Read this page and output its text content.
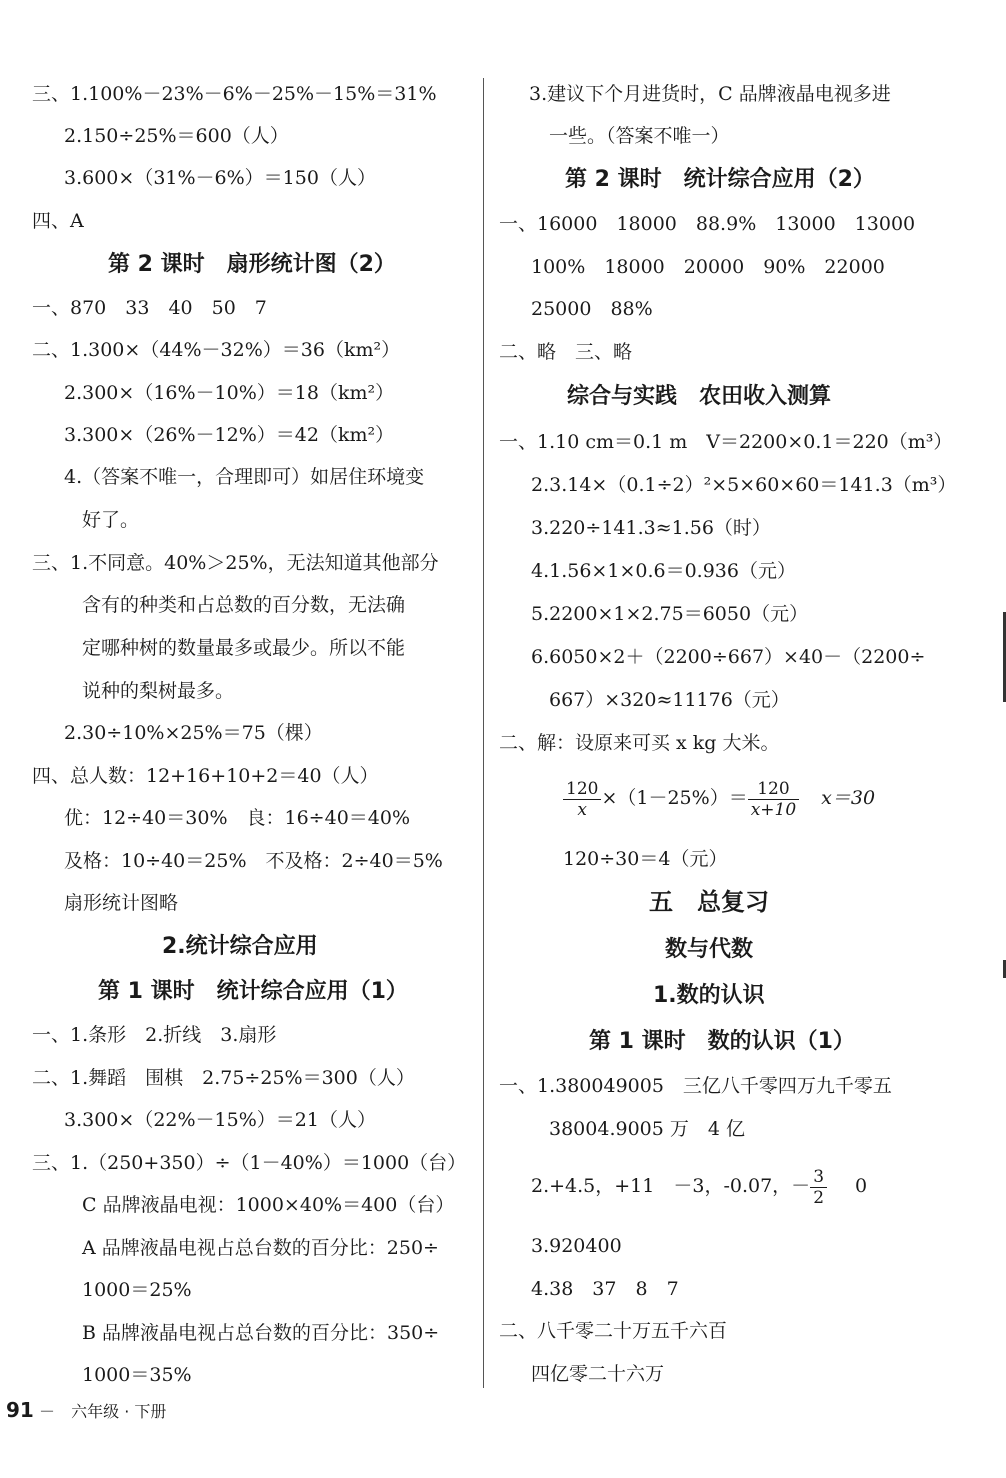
三、1.100%－23%－6%－25%－15%＝31%
2.150÷25%＝600（人）
3.600×（31%－6%）＝150（人）
四、A
第 2 课时　扇形统计图（2）
一、870　33　40　50　7
二、1.300×（44%－32%）＝36（km²）
2.300×（16%－10%）＝18（km²）
3.300×（26%－12%）＝42（km²）
4.（答案不唯一，合理即可）如居住环境变
好了。
三、1.不同意。40%＞25%，无法知道其他部分
含有的种类和占总数的百分数，无法确
定哪种树的数量最多或最少。所以不能
说种的梨树最多。
2.30÷10%×25%＝75（棵）
四、总人数：12+16+10+2＝40（人）
优：12÷40＝30%　良：16÷40＝40%
及格：10÷40＝25%　不及格：2÷40＝5%
扇形统计图略
2.统计综合应用
第 1 课时　统计综合应用（1）
一、1.条形　2.折线　3.扇形
二、1.舞蹈　围棋　2.75÷25%＝300（人）
3.300×（22%－15%）＝21（人）
三、1.（250+350）÷（1－40%）＝1000（台）
C 品牌液晶电视：1000×40%＝400（台）
A 品牌液晶电视占总台数的百分比：250÷
1000＝25%
B 品牌液晶电视占总台数的百分比：350÷
1000＝35%
3.建议下个月进货时，C 品牌液晶电视多进
一些。（答案不唯一）
第 2 课时　统计综合应用（2）
一、16000　18000　88.9%　13000　13000
100%　18000　20000　90%　22000
25000　88%
二、略　三、略
综合与实践　农田收入测算
一、1.10 cm＝0.1 m　V＝2200×0.1＝220（m³）
2.3.14×（0.1÷2）²×5×60×60＝141.3（m³）
3.220÷141.3≈1.56（时）
4.1.56×1×0.6＝0.936（元）
5.2200×1×2.75＝6050（元）
6.6050×2＋（2200÷667）×40－（2200÷
667）×320≈11176（元）
二、解：设原来可买 x kg 大米。
$\frac{120}{x} \times(1-25\%)= \frac{120}{x+10} x=30$
120÷30＝4（元）
五　总复习
数与代数
1.数的认识
第 1 课时　数的认识（1）
一、1.380049005　三亿八千零四万九千零五
38004.9005 万　4 亿
2.+4.5，+11　－3，-0.07，－ $\frac{3}{2} 0$
3.920400
4.38　37　8　7
二、八千零二十万五千六百
四亿零二十六万
91 － 六年级 · 下册
